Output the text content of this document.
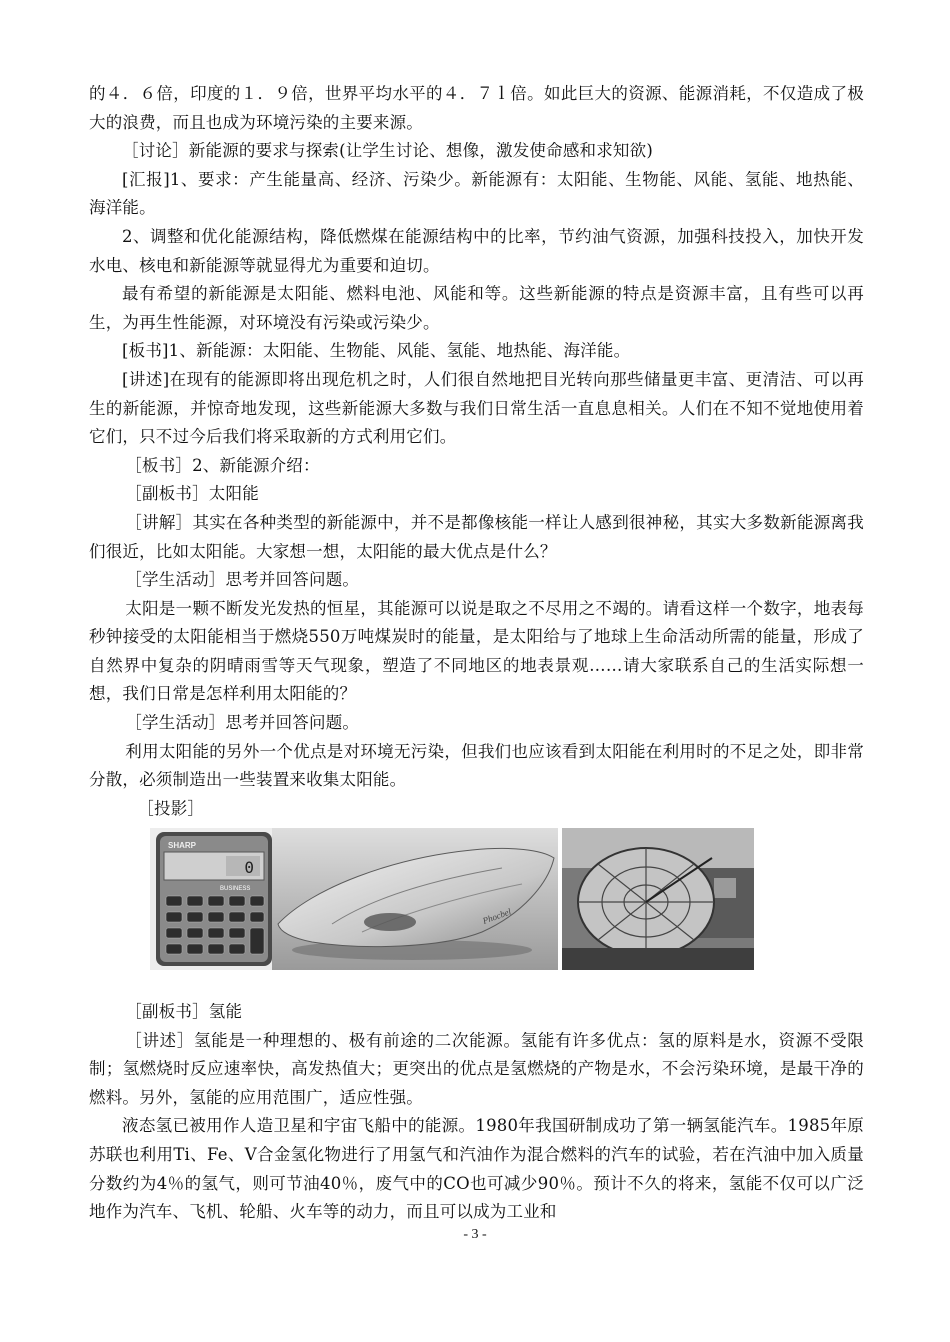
的４．６倍，印度的１．９倍，世界平均水平的４．７ｌ倍。如此巨大的资源、能源消耗，不仅造成了极大的浪费，而且也成为环境污染的主要来源。

［讨论］新能源的要求与探索(让学生讨论、想像，激发使命感和求知欲)

[汇报]1、要求：产生能量高、经济、污染少。新能源有：太阳能、生物能、风能、氢能、地热能、海洋能。

2、调整和优化能源结构，降低燃煤在能源结构中的比率，节约油气资源，加强科技投入，加快开发水电、核电和新能源等就显得尤为重要和迫切。

最有希望的新能源是太阳能、燃料电池、风能和等。这些新能源的特点是资源丰富，且有些可以再生，为再生性能源，对环境没有污染或污染少。

[板书]1、新能源：太阳能、生物能、风能、氢能、地热能、海洋能。

[讲述]在现有的能源即将出现危机之时，人们很自然地把目光转向那些储量更丰富、更清洁、可以再生的新能源，并惊奇地发现，这些新能源大多数与我们日常生活一直息息相关。人们在不知不觉地使用着它们，只不过今后我们将采取新的方式利用它们。

［板书］2、新能源介绍：

［副板书］太阳能

［讲解］其实在各种类型的新能源中，并不是都像核能一样让人感到很神秘，其实大多数新能源离我们很近，比如太阳能。大家想一想，太阳能的最大优点是什么？

［学生活动］思考并回答问题。

太阳是一颗不断发光发热的恒星，其能源可以说是取之不尽用之不竭的。请看这样一个数字，地表每秒钟接受的太阳能相当于燃烧550万吨煤炭时的能量，是太阳给与了地球上生命活动所需的能量，形成了自然界中复杂的阴晴雨雪等天气现象，塑造了不同地区的地表景观……请大家联系自己的生活实际想一想，我们日常是怎样利用太阳能的？

［学生活动］思考并回答问题。

利用太阳能的另外一个优点是对环境无污染，但我们也应该看到太阳能在利用时的不足之处，即非常分散，必须制造出一些装置来收集太阳能。

［投影］

SHARP
0
BUSINESS
Phocbel

［副板书］氢能

［讲述］氢能是一种理想的、极有前途的二次能源。氢能有许多优点：氢的原料是水，资源不受限制；氢燃烧时反应速率快，高发热值大；更突出的优点是氢燃烧的产物是水，不会污染环境，是最干净的燃料。另外，氢能的应用范围广，适应性强。

液态氢已被用作人造卫星和宇宙飞船中的能源。1980年我国研制成功了第一辆氢能汽车。1985年原苏联也利用Ti、Fe、V合金氢化物进行了用氢气和汽油作为混合燃料的汽车的试验，若在汽油中加入质量分数约为4％的氢气，则可节油40％，废气中的CO也可减少90％。预计不久的将来，氢能不仅可以广泛地作为汽车、飞机、轮船、火车等的动力，而且可以成为工业和

- 3 -
